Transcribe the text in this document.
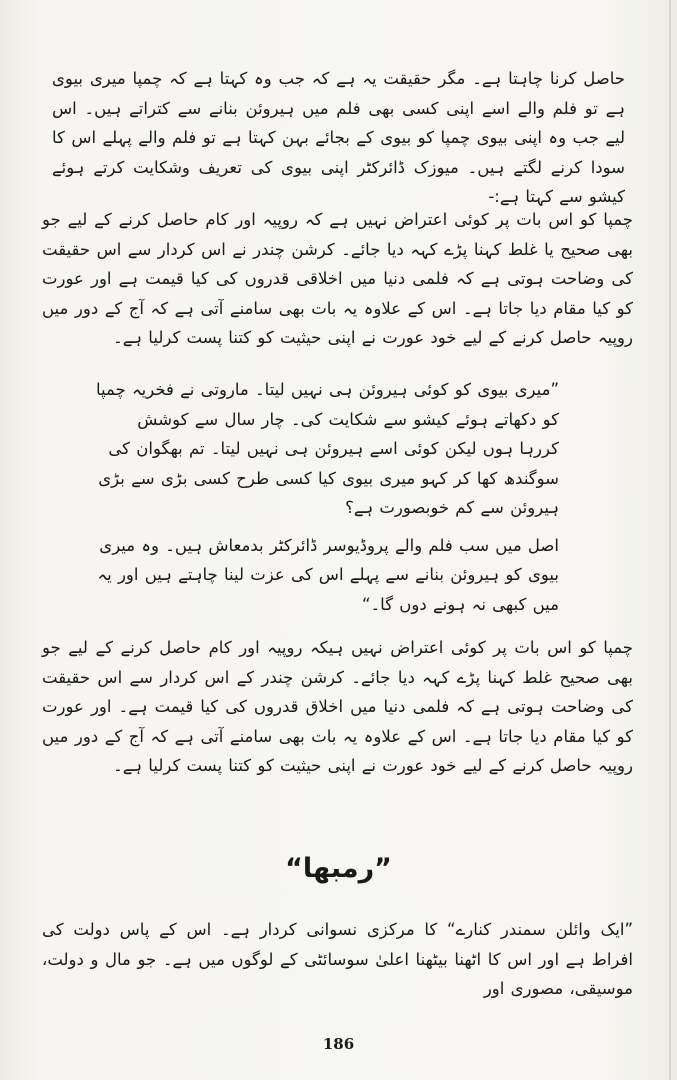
حاصل کرنا چاہتا ہے۔ مگر حقیقت یہ ہے کہ جب وہ کہتا ہے کہ چمپا میری بیوی ہے تو فلم والے اسے اپنی کسی بھی فلم میں ہیروئن بنانے سے کتراتے ہیں۔ اس لیے جب وہ اپنی بیوی چمپا کو بیوی کے بجائے بہن کہتا ہے تو فلم والے پہلے اس کا سودا کرنے لگتے ہیں۔ میوزک ڈائرکٹر اپنی بیوی کی تعریف وشکایت کرتے ہوئے کیشو سے کہتا ہے:-

چمپا کو اس بات پر کوئی اعتراض نہیں ہے کہ روپیہ اور کام حاصل کرنے کے لیے جو بھی صحیح یا غلط کہنا پڑے کہہ دیا جائے۔ کرشن چندر نے اس کردار سے اس حقیقت کی وضاحت ہوتی ہے کہ فلمی دنیا میں اخلاقی قدروں کی کیا قیمت ہے اور عورت کو کیا مقام دیا جاتا ہے۔ اس کے علاوہ یہ بات بھی سامنے آتی ہے کہ آج کے دور میں روپیہ حاصل کرنے کے لیے خود عورت نے اپنی حیثیت کو کتنا پست کرلیا ہے۔

”میری بیوی کو کوئی ہیروئن ہی نہیں لیتا۔ ماروتی نے فخریہ چمپا کو دکھاتے ہوئے کیشو سے شکایت کی۔ چار سال سے کوشش کررہا ہوں لیکن کوئی اسے ہیروئن ہی نہیں لیتا۔ تم بھگوان کی سوگندھ کھا کر کہو میری بیوی کیا کسی طرح کسی بڑی سے بڑی ہیروئن سے کم خوبصورت ہے؟

اصل میں سب فلم والے پروڈیوسر ڈائرکٹر بدمعاش ہیں۔ وہ میری بیوی کو ہیروئن بنانے سے پہلے اس کی عزت لینا چاہتے ہیں اور یہ میں کبھی نہ ہونے دوں گا۔“

چمپا کو اس بات پر کوئی اعتراض نہیں ہیکہ روپیہ اور کام حاصل کرنے کے لیے جو بھی صحیح غلط کہنا پڑے کہہ دیا جائے۔ کرشن چندر کے اس کردار سے اس حقیقت کی وضاحت ہوتی ہے کہ فلمی دنیا میں اخلاق قدروں کی کیا قیمت ہے۔ اور عورت کو کیا مقام دیا جاتا ہے۔ اس کے علاوہ یہ بات بھی سامنے آتی ہے کہ آج کے دور میں روپیہ حاصل کرنے کے لیے خود عورت نے اپنی حیثیت کو کتنا پست کرلیا ہے۔

”رمبھا“

”ایک وائلن سمندر کنارے“ کا مرکزی نسوانی کردار ہے۔ اس کے پاس دولت کی افراط ہے اور اس کا اٹھنا بیٹھنا اعلیٰ سوسائٹی کے لوگوں میں ہے۔ جو مال و دولت، موسیقی، مصوری اور

186
